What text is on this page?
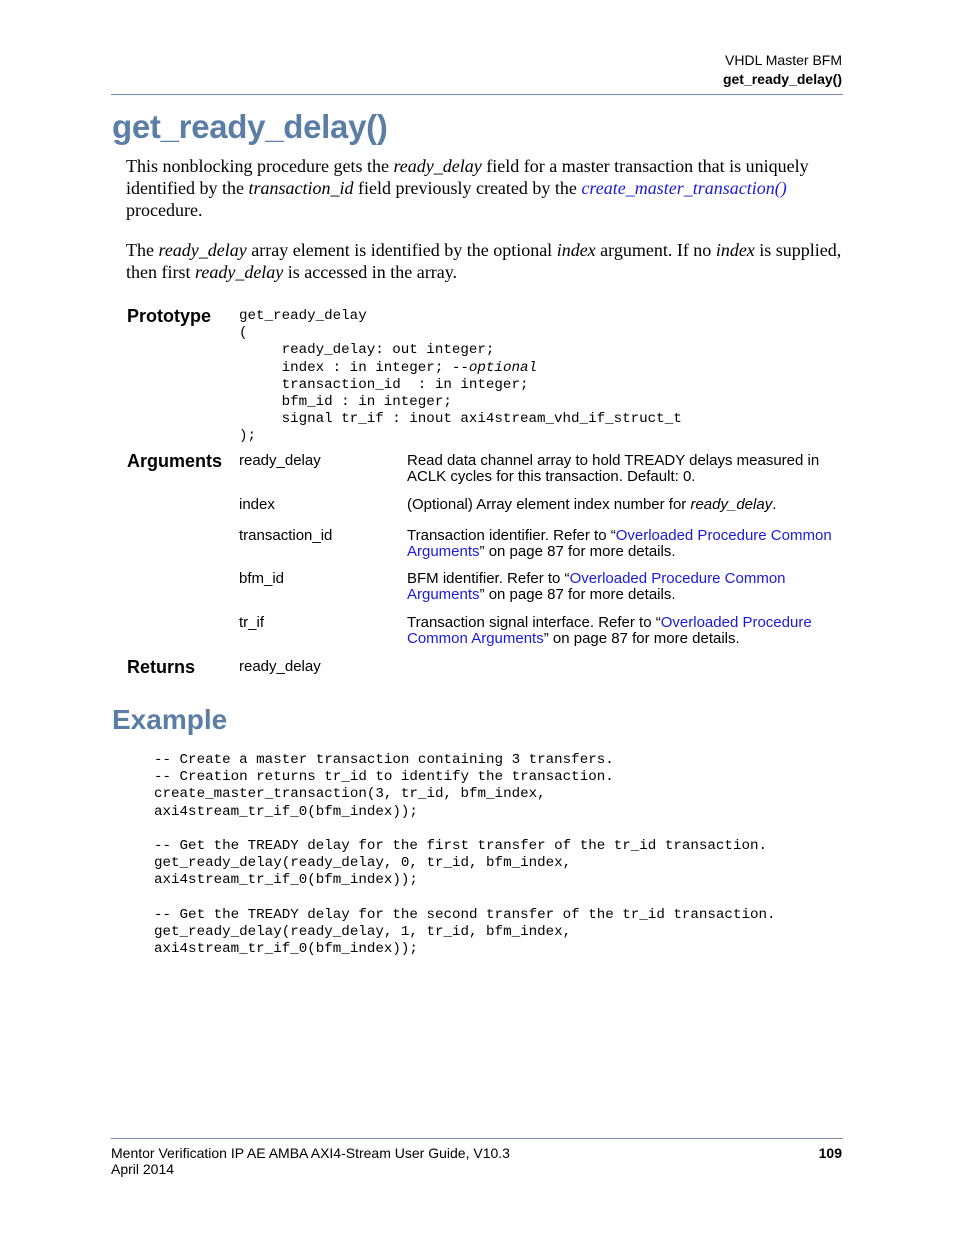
VHDL Master BFM
get_ready_delay()
get_ready_delay()
This nonblocking procedure gets the ready_delay field for a master transaction that is uniquely identified by the transaction_id field previously created by the create_master_transaction() procedure.
The ready_delay array element is identified by the optional index argument. If no index is supplied, then first ready_delay is accessed in the array.
Prototype get_ready_delay
(
ready_delay: out integer;
index : in integer; --optional
transaction_id  : in integer;
bfm_id : in integer;
signal tr_if : inout axi4stream_vhd_if_struct_t
);
Arguments ready_delay	Read data channel array to hold TREADY delays measured in ACLK cycles for this transaction. Default: 0.
index	(Optional) Array element index number for ready_delay.
transaction_id	Transaction identifier. Refer to “Overloaded Procedure Common Arguments” on page 87 for more details.
bfm_id	BFM identifier. Refer to “Overloaded Procedure Common Arguments” on page 87 for more details.
tr_if	Transaction signal interface. Refer to “Overloaded Procedure Common Arguments” on page 87 for more details.
Returns	ready_delay
Example
-- Create a master transaction containing 3 transfers.
-- Creation returns tr_id to identify the transaction.
create_master_transaction(3, tr_id, bfm_index,
axi4stream_tr_if_0(bfm_index));

-- Get the TREADY delay for the first transfer of the tr_id transaction.
get_ready_delay(ready_delay, 0, tr_id, bfm_index,
axi4stream_tr_if_0(bfm_index));

-- Get the TREADY delay for the second transfer of the tr_id transaction.
get_ready_delay(ready_delay, 1, tr_id, bfm_index,
axi4stream_tr_if_0(bfm_index));
Mentor Verification IP AE AMBA AXI4-Stream User Guide, V10.3
April 2014
109
